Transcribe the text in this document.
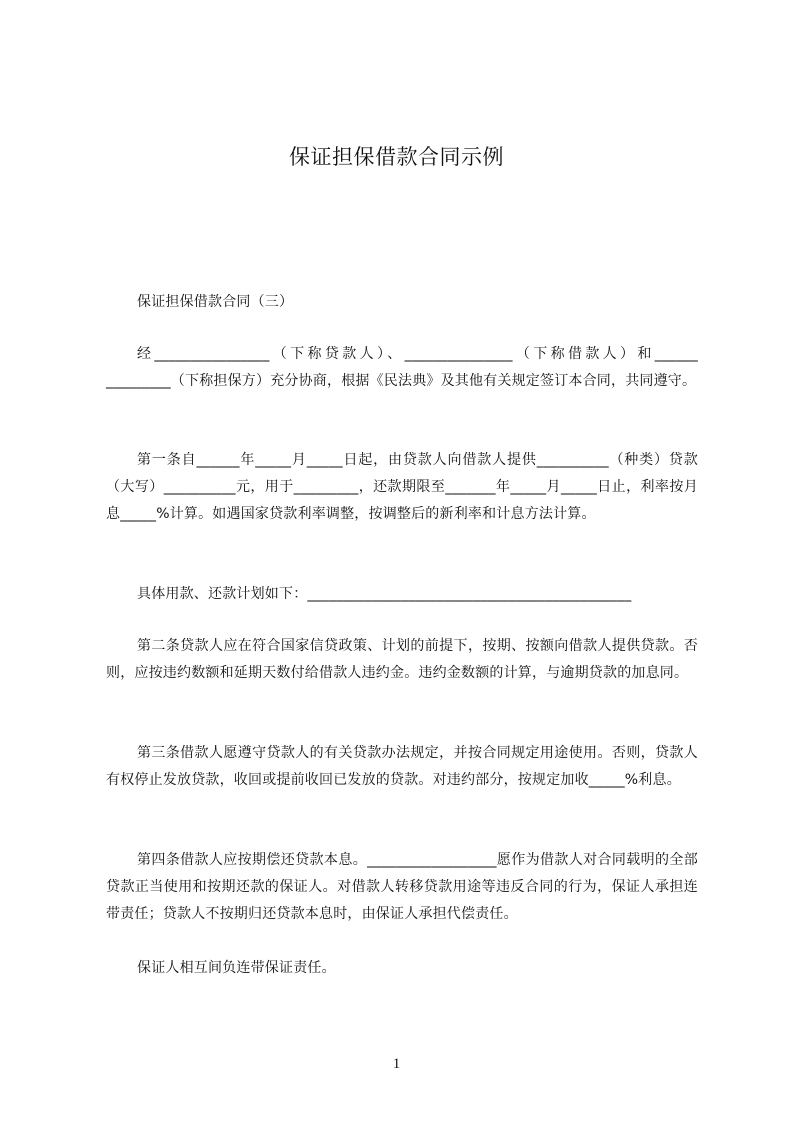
保证担保借款合同示例
保证担保借款合同（三）
经________________（下称贷款人）、_______________（下称借款人）和______ _________（下称担保方）充分协商，根据《民法典》及其他有关规定签订本合同，共同遵守。
第一条自______年_____月_____日起，由贷款人向借款人提供__________（种类）贷款（大写）__________元，用于_________，还款期限至_______年_____月_____日止，利率按月息_____%计算。如遇国家贷款利率调整，按调整后的新利率和计息方法计算。
具体用款、还款计划如下：_____________________________________________
第二条贷款人应在符合国家信贷政策、计划的前提下，按期、按额向借款人提供贷款。否则，应按违约数额和延期天数付给借款人违约金。违约金数额的计算，与逾期贷款的加息同。
第三条借款人愿遵守贷款人的有关贷款办法规定，并按合同规定用途使用。否则，贷款人有权停止发放贷款，收回或提前收回已发放的贷款。对违约部分，按规定加收_____%利息。
第四条借款人应按期偿还贷款本息。__________________愿作为借款人对合同载明的全部贷款正当使用和按期还款的保证人。对借款人转移贷款用途等违反合同的行为，保证人承担连带责任；贷款人不按期归还贷款本息时，由保证人承担代偿责任。
保证人相互间负连带保证责任。
1
